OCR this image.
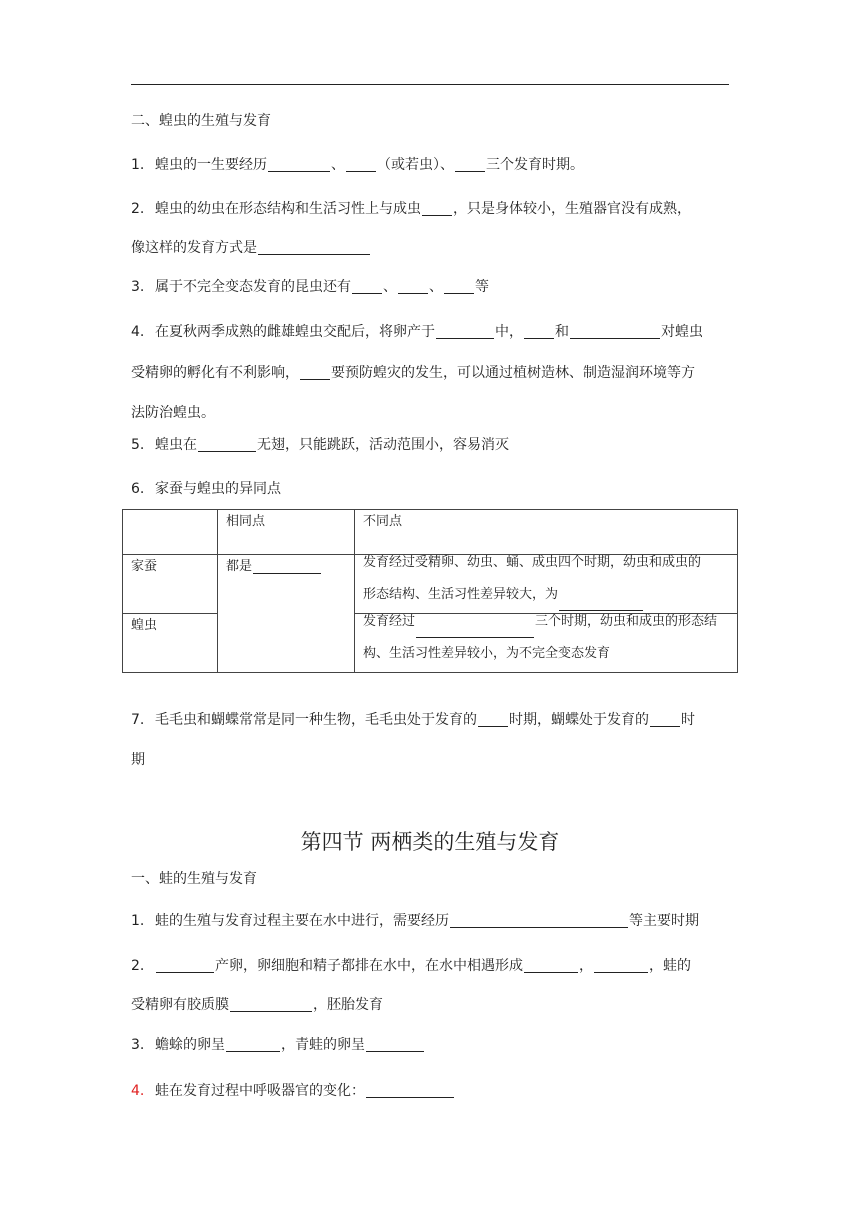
二、蝗虫的生殖与发育
1. 蝗虫的一生要经历	、 （或若虫）、 三个发育时期。
2. 蝗虫的幼虫在形态结构和生活习性上与成虫 ，只是身体较小，生殖器官没有成熟，
像这样的发育方式是
3. 属于不完全变态发育的昆虫还有 、 、 等
4. 在夏秋两季成熟的雌雄蝗虫交配后，将卵产于	中， 和	对蝗虫
受精卵的孵化有不利影响， 要预防蝗灾的发生，可以通过植树造林、制造湿润环境等方
法防治蝗虫。
5. 蝗虫在	无翅，只能跳跃，活动范围小，容易消灭
6. 家蚕与蝗虫的异同点
	相同点	不同点
家蚕	都是	发育经过受精卵、幼虫、蛹、成虫四个时期，幼虫和成虫的
形态结构、生活习性差异较大，为

蝗虫		发育经过 三个时期，幼虫和成虫的形态结
构、生活习性差异较小，为不完全变态发育
7. 毛毛虫和蝴蝶常常是同一种生物，毛毛虫处于发育的 时期，蝴蝶处于发育的 时
期
第四节 两栖类的生殖与发育
一、蛙的生殖与发育
1. 蛙的生殖与发育过程主要在水中进行，需要经历	等主要时期
2.	产卵，卵细胞和精子都排在水中，在水中相遇形成	，	，蛙的
受精卵有胶质膜	，胚胎发育
3. 蟾蜍的卵呈	，青蛙的卵呈
4. 蛙在发育过程中呼吸器官的变化：
